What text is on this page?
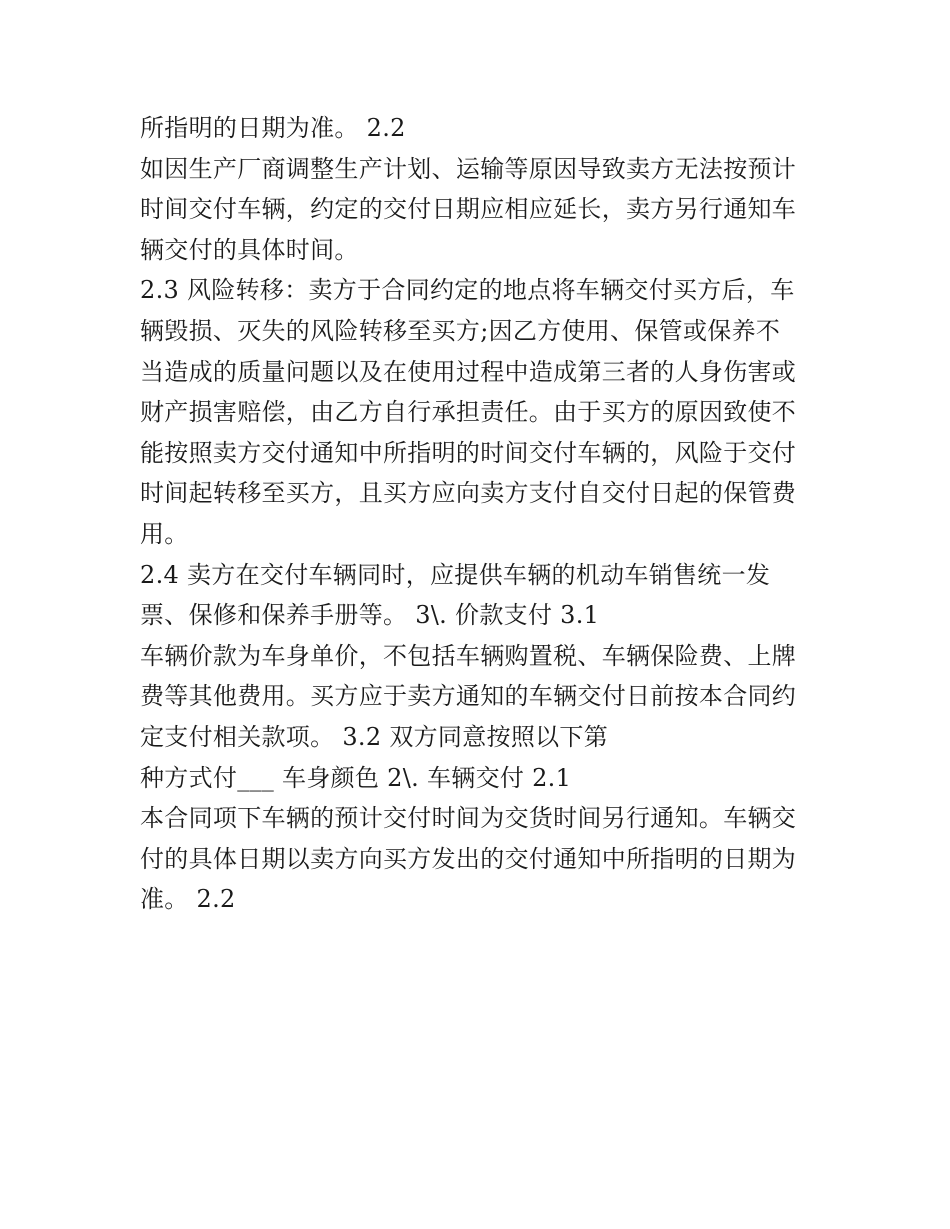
所指明的日期为准。 2.2

如因生产厂商调整生产计划、运输等原因导致卖方无法按预计

时间交付车辆，约定的交付日期应相应延长，卖方另行通知车

辆交付的具体时间。

2.3 风险转移：卖方于合同约定的地点将车辆交付买方后，车

辆毁损、灭失的风险转移至买方;因乙方使用、保管或保养不

当造成的质量问题以及在使用过程中造成第三者的人身伤害或

财产损害赔偿，由乙方自行承担责任。由于买方的原因致使不

能按照卖方交付通知中所指明的时间交付车辆的，风险于交付

时间起转移至买方，且买方应向卖方支付自交付日起的保管费

用。

2.4 卖方在交付车辆同时，应提供车辆的机动车销售统一发

票、保修和保养手册等。 3\. 价款支付 3.1

车辆价款为车身单价，不包括车辆购置税、车辆保险费、上牌

费等其他费用。买方应于卖方通知的车辆交付日前按本合同约

定支付相关款项。 3.2 双方同意按照以下第

种方式付___ 车身颜色 2\. 车辆交付 2.1

本合同项下车辆的预计交付时间为交货时间另行通知。车辆交

付的具体日期以卖方向买方发出的交付通知中所指明的日期为

准。 2.2
